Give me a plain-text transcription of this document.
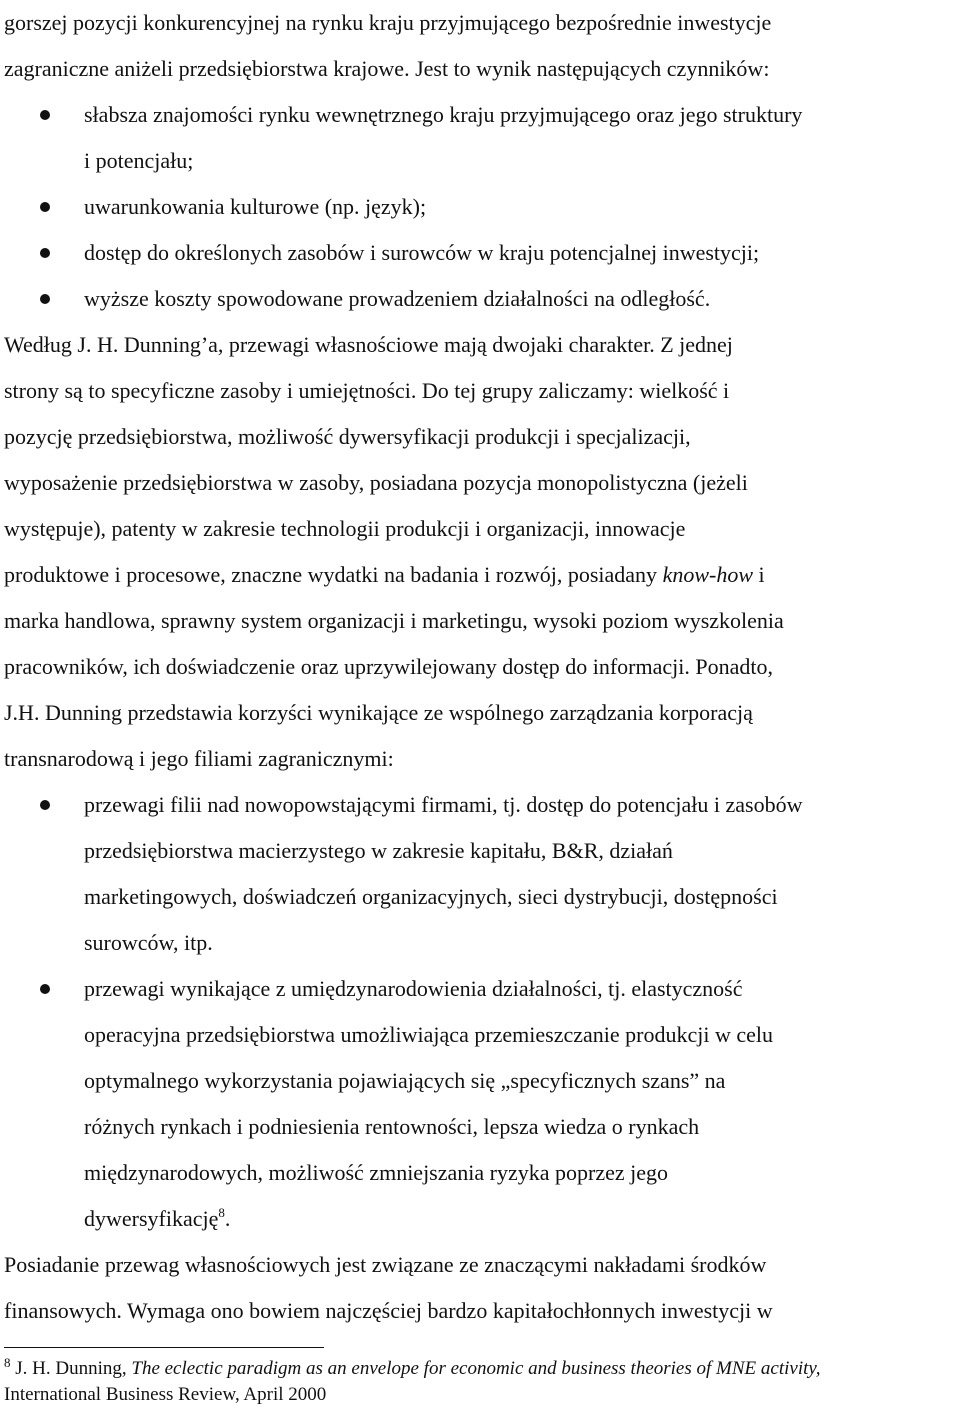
gorszej pozycji konkurencyjnej na rynku kraju przyjmującego bezpośrednie inwestycje
zagraniczne aniżeli przedsiębiorstwa krajowe. Jest to wynik następujących czynników:
słabsza znajomości rynku wewnętrznego kraju przyjmującego oraz jego struktury
i potencjału;
uwarunkowania kulturowe (np. język);
dostęp do określonych zasobów i surowców w kraju potencjalnej inwestycji;
wyższe koszty spowodowane prowadzeniem działalności na odległość.
Według J. H. Dunning’a, przewagi własnościowe mają dwojaki charakter. Z jednej
strony są to specyficzne zasoby i umiejętności. Do tej grupy zaliczamy: wielkość i
pozycję przedsiębiorstwa, możliwość dywersyfikacji produkcji i specjalizacji,
wyposażenie przedsiębiorstwa w zasoby, posiadana pozycja monopolistyczna (jeżeli
występuje), patenty w zakresie technologii produkcji i organizacji, innowacje
produktowe i procesowe, znaczne wydatki na badania i rozwój, posiadany know-how i
marka handlowa, sprawny system organizacji i marketingu, wysoki poziom wyszkolenia
pracowników, ich doświadczenie oraz uprzywilejowany dostęp do informacji. Ponadto,
J.H. Dunning przedstawia korzyści wynikające ze wspólnego zarządzania korporacją
transnarodową i jego filiami zagranicznymi:
przewagi filii nad nowopowstającymi firmami, tj. dostęp do potencjału i zasobów
przedsiębiorstwa macierzystego w zakresie kapitału, B&R, działań
marketingowych, doświadczeń organizacyjnych, sieci dystrybucji, dostępności
surowców, itp.
przewagi wynikające z umiędzynarodowienia działalności, tj. elastyczność
operacyjna przedsiębiorstwa umożliwiająca przemieszczanie produkcji w celu
optymalnego wykorzystania pojawiających się „specyficznych szans” na
różnych rynkach i podniesienia rentowności, lepsza wiedza o rynkach
międzynarodowych, możliwość zmniejszania ryzyka poprzez jego
dywersyfikację$^8$.
Posiadanie przewag własnościowych jest związane ze znaczącymi nakładami środków
finansowych. Wymaga ono bowiem najczęściej bardzo kapitałochłonnych inwestycji w
$^8$ J. H. Dunning, The eclectic paradigm as an envelope for economic and business theories of MNE activity,
International Business Review, April 2000
